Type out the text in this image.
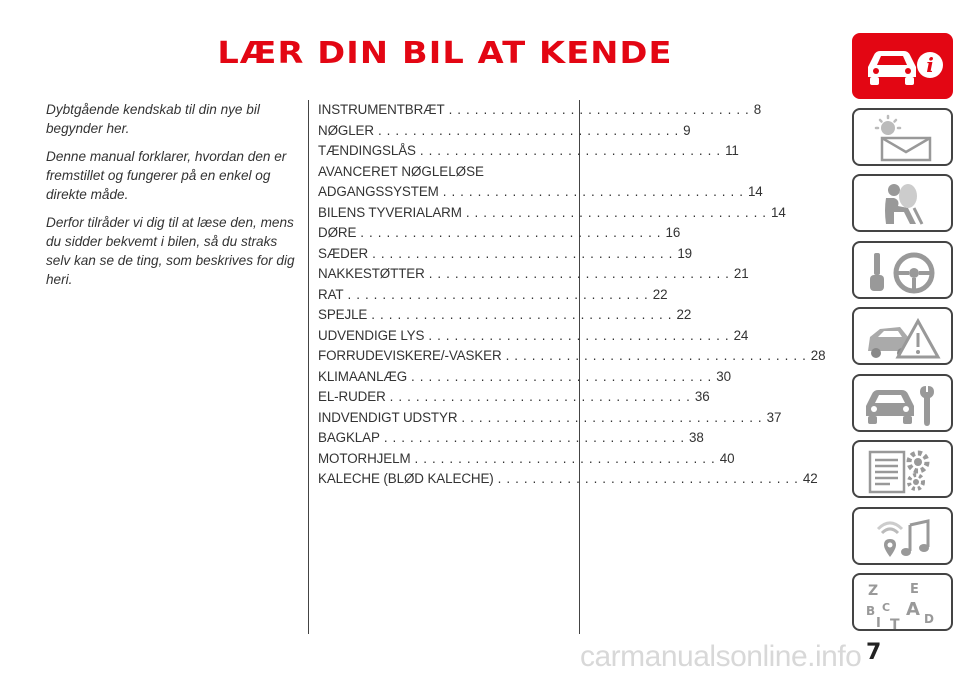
LÆR DIN BIL AT KENDE

Dybtgående kendskab til din nye bil begynder her.

Denne manual forklarer, hvordan den er fremstillet og fungerer på en enkel og direkte måde.

Derfor tilråder vi dig til at læse den, mens du sidder bekvemt i bilen, så du straks selv kan se de ting, som beskrives for dig heri.

INSTRUMENTBRÆT ................................... 8
NØGLER ................................... 9
TÆNDINGSLÅS ................................... 11
AVANCERET NØGLELØSE
ADGANGSSYSTEM ................................... 14
BILENS TYVERIALARM ................................... 14
DØRE ................................... 16
SÆDER ................................... 19
NAKKESTØTTER ................................... 21
RAT ................................... 22
SPEJLE ................................... 22
UDVENDIGE LYS ................................... 24
FORRUDEVISKERE/-VASKER ................................... 28
KLIMAANLÆG ................................... 30
EL-RUDER ................................... 36
INDVENDIGT UDSTYR ................................... 37
BAGKLAP ................................... 38
MOTORHJELM ................................... 40
KALECHE (BLØD KALECHE) ................................... 42
i
Z E
B C A
I T D
7
carmanualsonline.info
